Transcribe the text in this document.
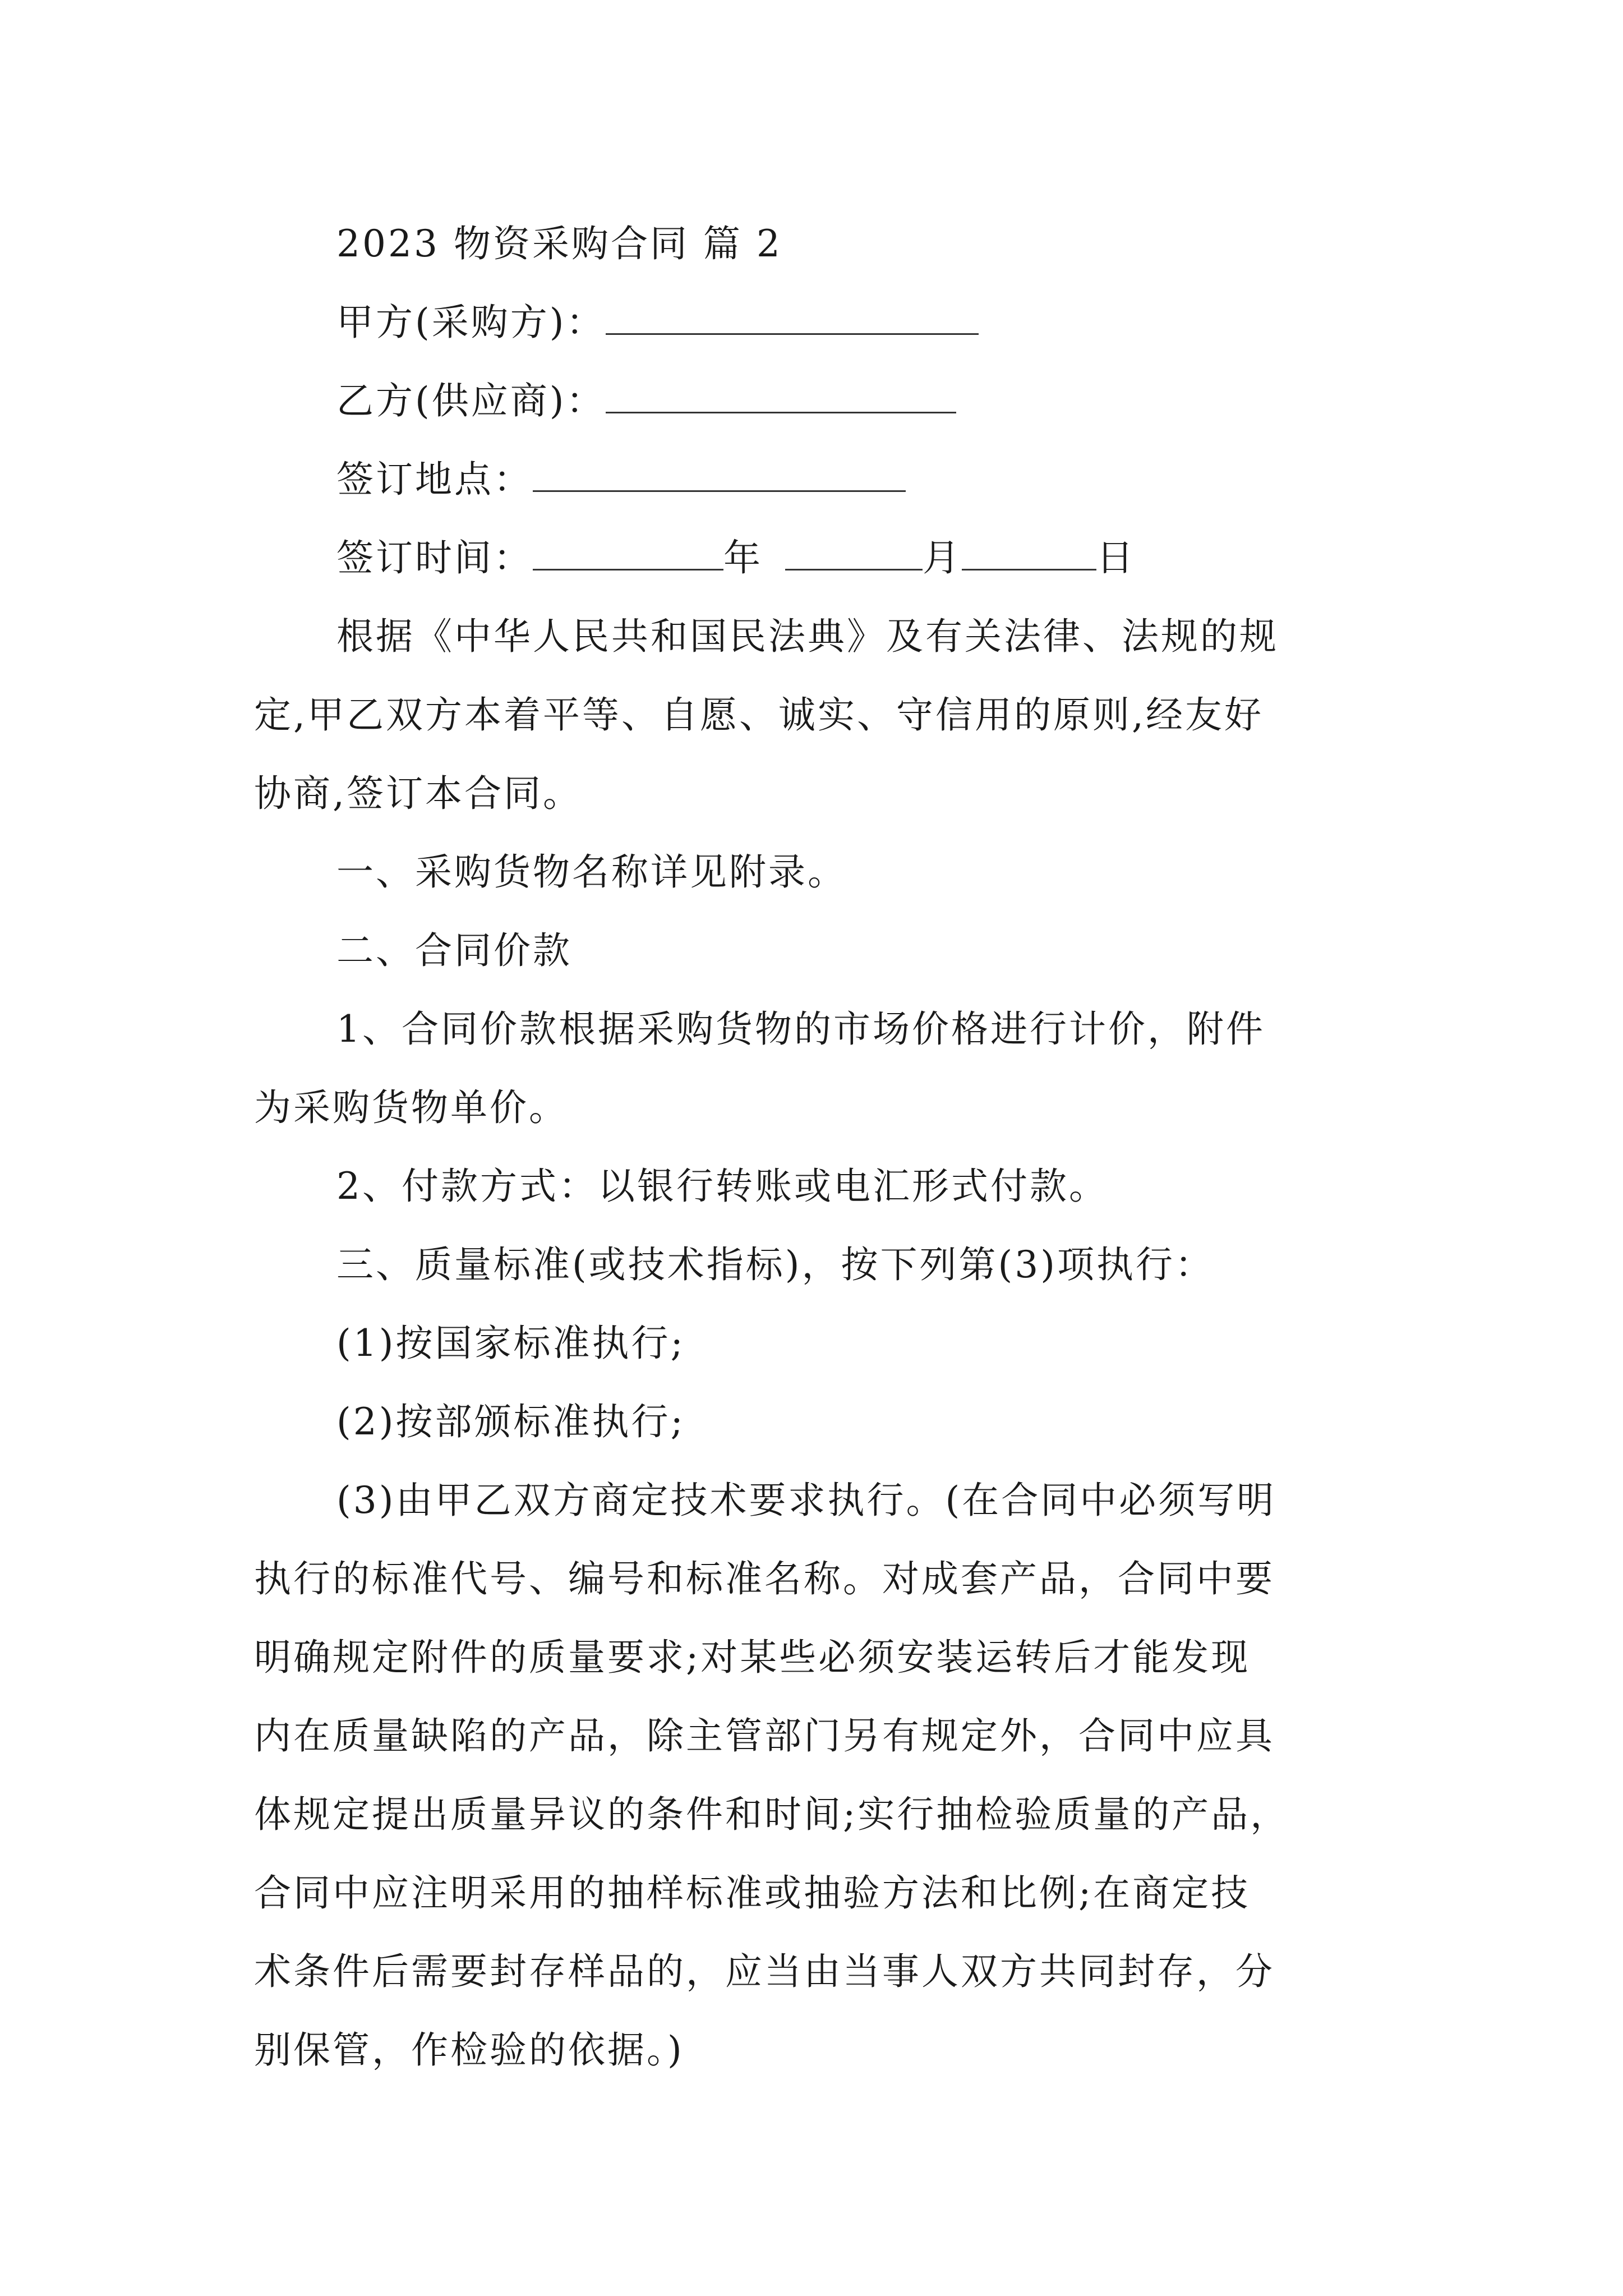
2023 物资采购合同 篇 2
甲方(采购方)：
乙方(供应商)：
签订地点：
签订时间：	年	月	日
根据《中华人民共和国民法典》及有关法律、法规的规
定,甲乙双方本着平等、自愿、诚实、守信用的原则,经友好
协商,签订本合同。
一、采购货物名称详见附录。
二、合同价款
1、合同价款根据采购货物的市场价格进行计价，附件
为采购货物单价。
2、付款方式：以银行转账或电汇形式付款。
三、质量标准(或技术指标)，按下列第(3)项执行：
(1)按国家标准执行;
(2)按部颁标准执行;
(3)由甲乙双方商定技术要求执行。(在合同中必须写明
执行的标准代号、编号和标准名称。对成套产品，合同中要
明确规定附件的质量要求;对某些必须安装运转后才能发现
内在质量缺陷的产品，除主管部门另有规定外，合同中应具
体规定提出质量异议的条件和时间;实行抽检验质量的产品，
合同中应注明采用的抽样标准或抽验方法和比例;在商定技
术条件后需要封存样品的，应当由当事人双方共同封存，分
别保管，作检验的依据。)
